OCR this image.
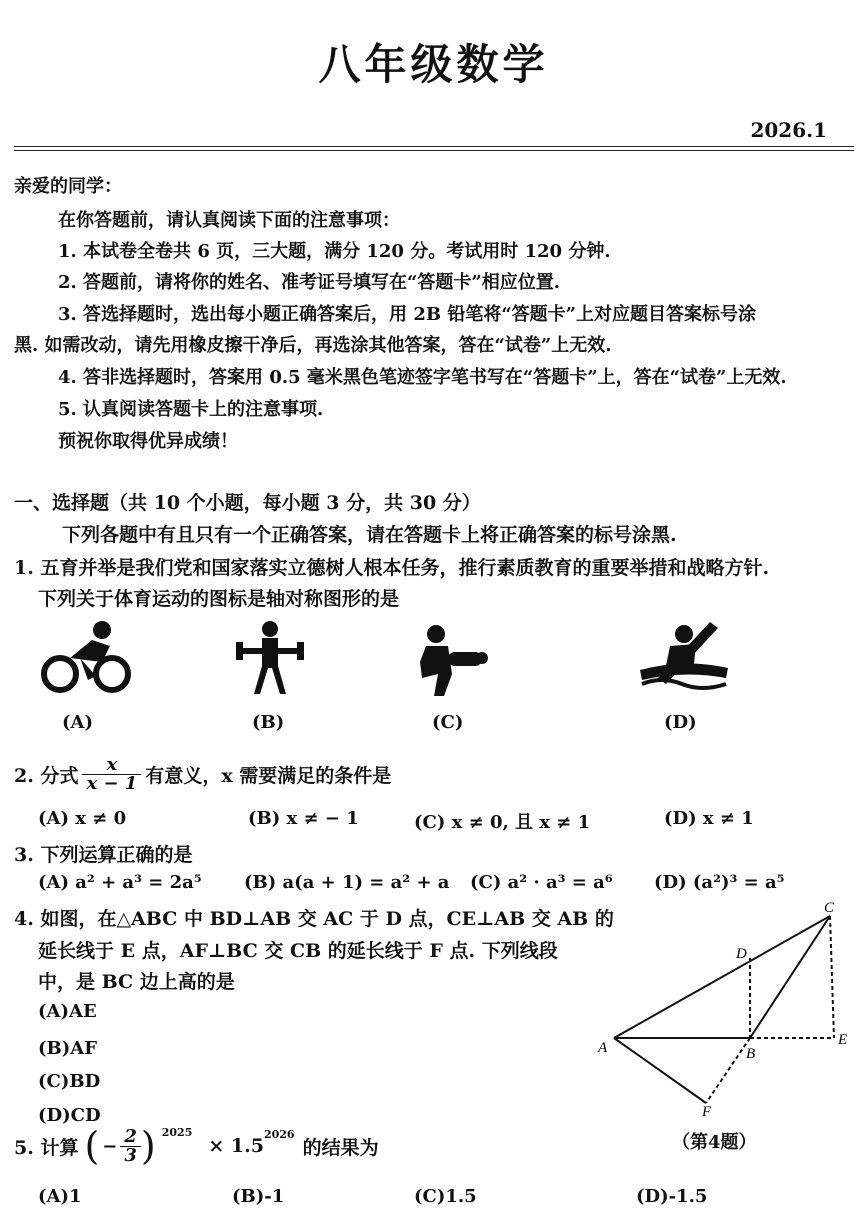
八年级数学
2026.1
亲爱的同学：
在你答题前，请认真阅读下面的注意事项：
1. 本试卷全卷共 6 页，三大题，满分 120 分。考试用时 120 分钟.
2. 答题前，请将你的姓名、准考证号填写在“答题卡”相应位置.
3. 答选择题时，选出每小题正确答案后，用 2B 铅笔将“答题卡”上对应题目答案标号涂
黑. 如需改动，请先用橡皮擦干净后，再选涂其他答案，答在“试卷”上无效.
4. 答非选择题时，答案用 0.5 毫米黑色笔迹签字笔书写在“答题卡”上，答在“试卷”上无效.
5. 认真阅读答题卡上的注意事项.
预祝你取得优异成绩！
一、选择题（共 10 个小题，每小题 3 分，共 30 分）
下列各题中有且只有一个正确答案，请在答题卡上将正确答案的标号涂黑.
1. 五育并举是我们党和国家落实立德树人根本任务，推行素质教育的重要举措和战略方针.
下列关于体育运动的图标是轴对称图形的是
(A)	(B)	(C)	(D)
2. 分式 $\frac{x}{x - 1}$ 有意义，x 需要满足的条件是
(A) x ≠ 0	(B) x ≠ − 1	(C) x ≠ 0, 且 x ≠ 1	(D) x ≠ 1
3. 下列运算正确的是
(A) a² + a³ = 2a⁵ (B) a(a + 1) = a² + a (C) a² · a³ = a⁶ (D) (a²)³ = a⁵
4. 如图，在△ABC 中 BD⊥AB 交 AC 于 D 点，CE⊥AB 交 AB 的
延长线于 E 点，AF⊥BC 交 CB 的延长线于 F 点. 下列线段
中，是 BC 边上高的是
(A)AE
(B)AF
(C)BD
(D)CD
A	B
C
D
E
F
（第4题）
5. 计算 ( − $\frac{2}{3}$ ) 2025
× 1.5
2026
的结果为
(A)1	(B)-1	(C)1.5	(D)-1.5
